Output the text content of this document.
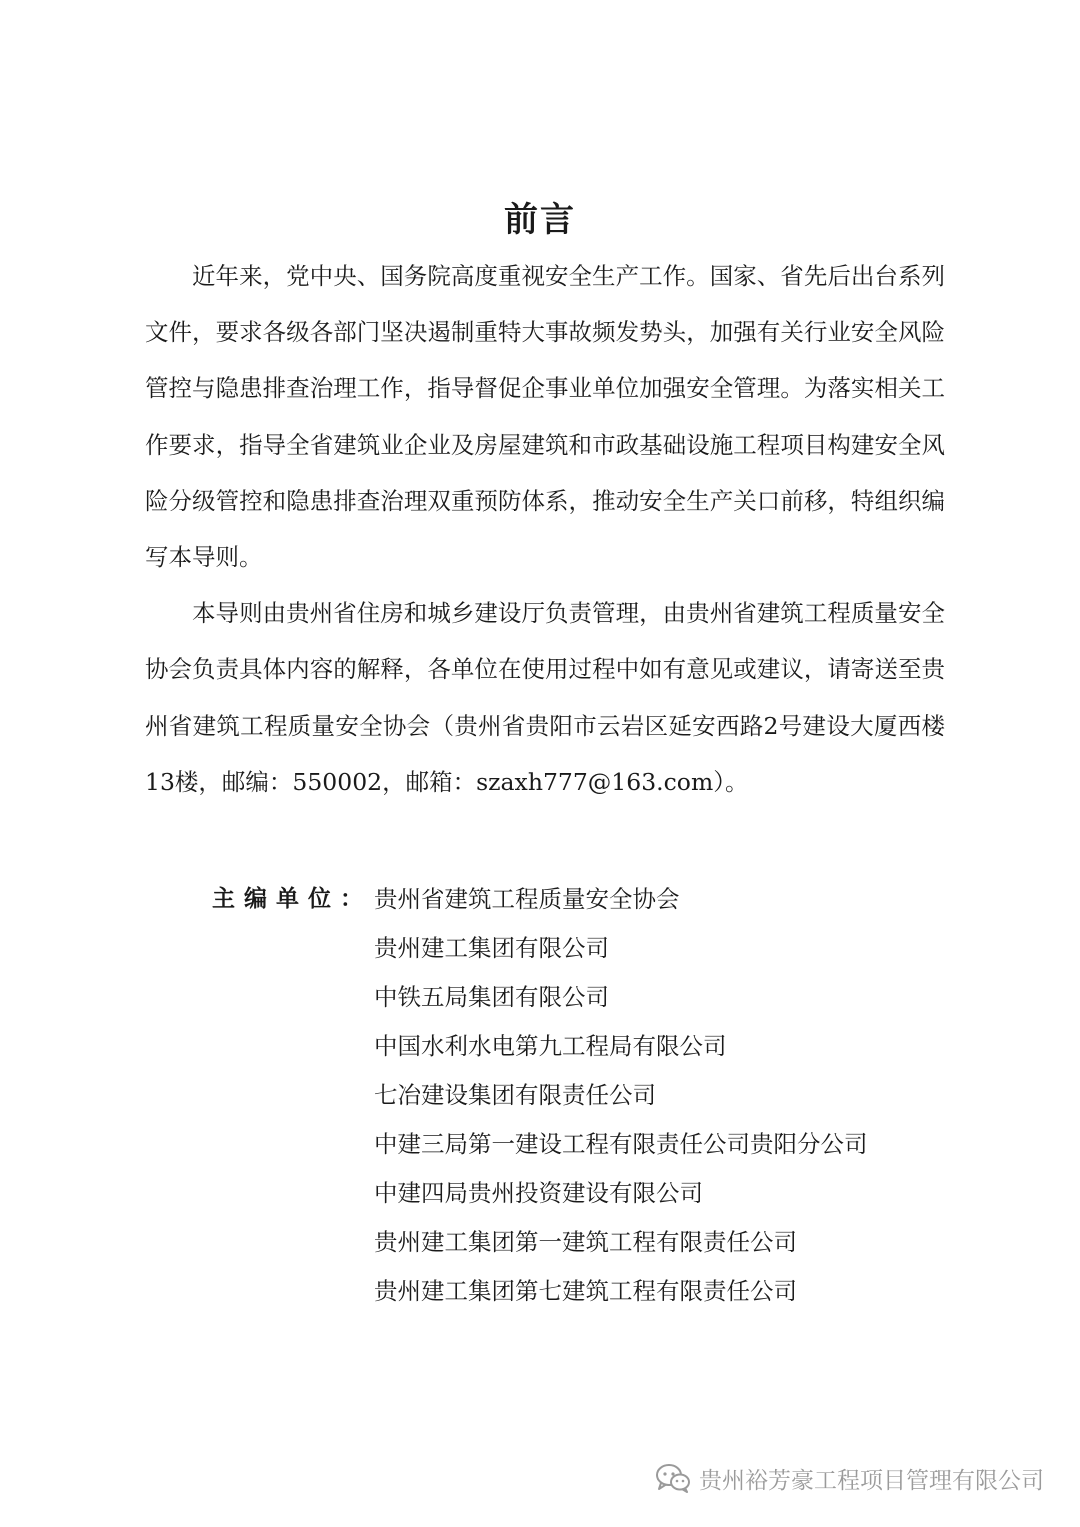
前言

近年来，党中央、国务院高度重视安全生产工作。国家、省先后出台系列文件，要求各级各部门坚决遏制重特大事故频发势头，加强有关行业安全风险管控与隐患排查治理工作，指导督促企事业单位加强安全管理。为落实相关工作要求，指导全省建筑业企业及房屋建筑和市政基础设施工程项目构建安全风险分级管控和隐患排查治理双重预防体系，推动安全生产关口前移，特组织编写本导则。

本导则由贵州省住房和城乡建设厅负责管理，由贵州省建筑工程质量安全协会负责具体内容的解释，各单位在使用过程中如有意见或建议，请寄送至贵州省建筑工程质量安全协会（贵州省贵阳市云岩区延安西路2号建设大厦西楼13楼，邮编：550002，邮箱：szaxh777@163.com）。

主编单位： 贵州省建筑工程质量安全协会
贵州建工集团有限公司
中铁五局集团有限公司
中国水利水电第九工程局有限公司
七冶建设集团有限责任公司
中建三局第一建设工程有限责任公司贵阳分公司
中建四局贵州投资建设有限公司
贵州建工集团第一建筑工程有限责任公司
贵州建工集团第七建筑工程有限责任公司
贵州裕芳豪工程项目管理有限公司
